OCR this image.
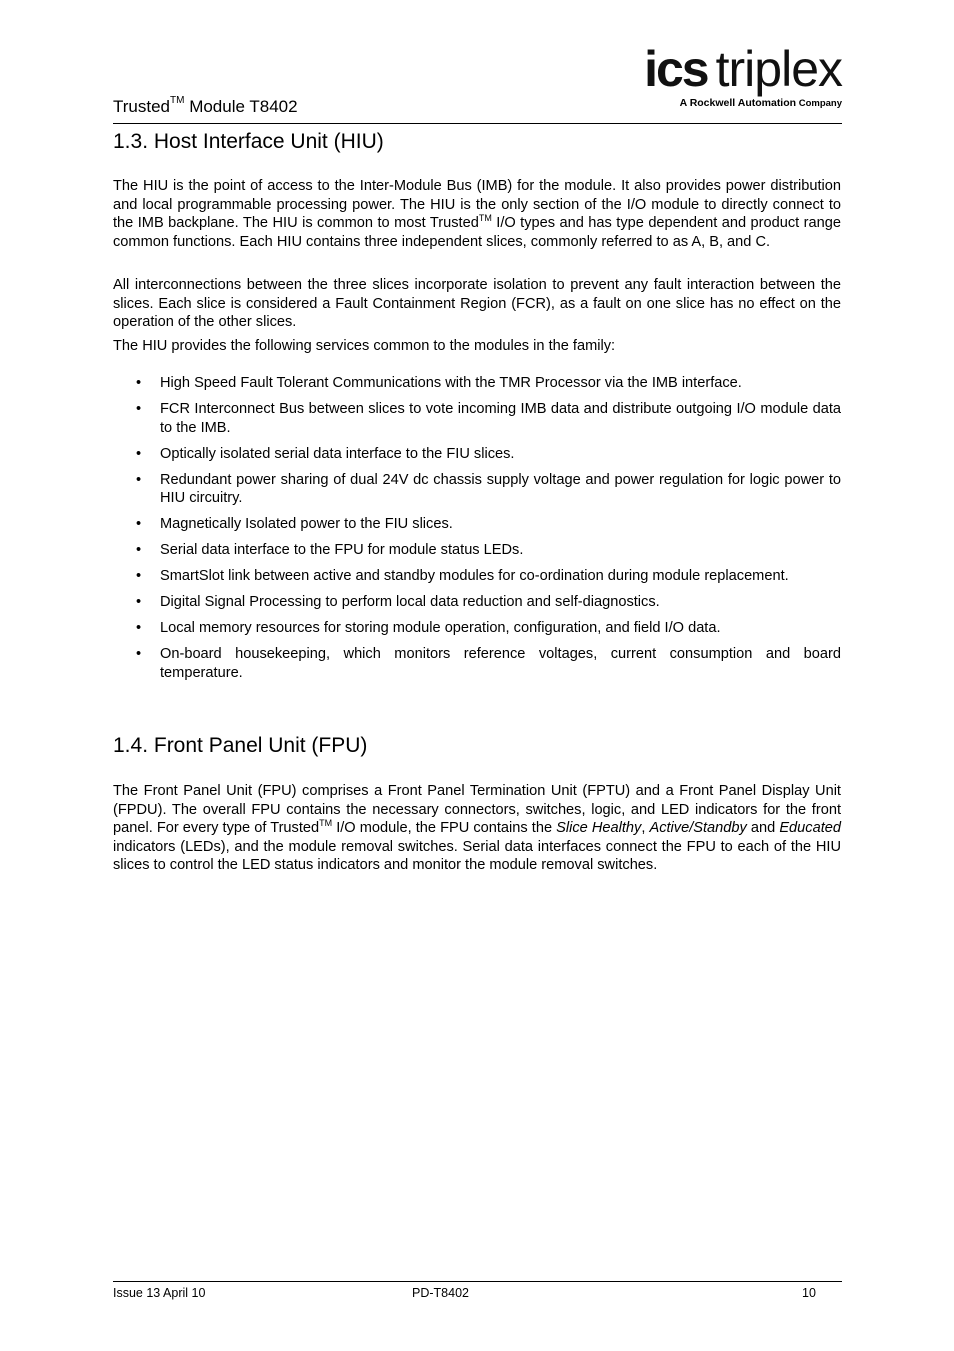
Trusted™ Module T8402
ics triplex
A Rockwell Automation Company
1.3. Host Interface Unit (HIU)

The HIU is the point of access to the Inter-Module Bus (IMB) for the module. It also provides power distribution and local programmable processing power. The HIU is the only section of the I/O module to directly connect to the IMB backplane. The HIU is common to most Trusted™ I/O types and has type dependent and product range common functions. Each HIU contains three independent slices, commonly referred to as A, B, and C.

All interconnections between the three slices incorporate isolation to prevent any fault interaction between the slices. Each slice is considered a Fault Containment Region (FCR), as a fault on one slice has no effect on the operation of the other slices.

The HIU provides the following services common to the modules in the family:

• High Speed Fault Tolerant Communications with the TMR Processor via the IMB interface.
• FCR Interconnect Bus between slices to vote incoming IMB data and distribute outgoing I/O module data to the IMB.
• Optically isolated serial data interface to the FIU slices.
• Redundant power sharing of dual 24V dc chassis supply voltage and power regulation for logic power to HIU circuitry.
• Magnetically Isolated power to the FIU slices.
• Serial data interface to the FPU for module status LEDs.
• SmartSlot link between active and standby modules for co-ordination during module replacement.
• Digital Signal Processing to perform local data reduction and self-diagnostics.
• Local memory resources for storing module operation, configuration, and field I/O data.
• On-board housekeeping, which monitors reference voltages, current consumption and board temperature.
1.4. Front Panel Unit (FPU)

The Front Panel Unit (FPU) comprises a Front Panel Termination Unit (FPTU) and a Front Panel Display Unit (FPDU). The overall FPU contains the necessary connectors, switches, logic, and LED indicators for the front panel. For every type of Trusted™ I/O module, the FPU contains the Slice Healthy, Active/Standby and Educated indicators (LEDs), and the module removal switches. Serial data interfaces connect the FPU to each of the HIU slices to control the LED status indicators and monitor the module removal switches.

Issue 13 April 10	PD-T8402	10
